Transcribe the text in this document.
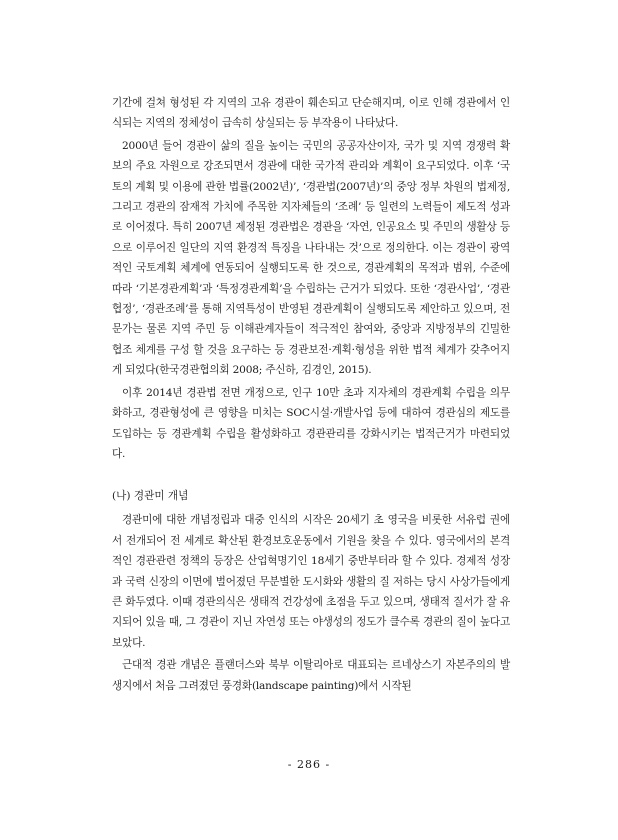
기간에 걸쳐 형성된 각 지역의 고유 경관이 훼손되고 단순해지며, 이로 인해 경관에서 인식되는 지역의 정체성이 급속히 상실되는 등 부작용이 나타났다.

2000년 들어 경관이 삶의 질을 높이는 국민의 공공자산이자, 국가 및 지역 경쟁력 확보의 주요 자원으로 강조되면서 경관에 대한 국가적 관리와 계획이 요구되었다. 이후 ‘국토의 계획 및 이용에 관한 법률(2002년)’, ‘경관법(2007년)’의 중앙 정부 차원의 법제정, 그리고 경관의 잠재적 가치에 주목한 지자체들의 ‘조례’ 등 일련의 노력들이 제도적 성과로 이어졌다. 특히 2007년 제정된 경관법은 경관을 ‘자연, 인공요소 및 주민의 생활상 등으로 이루어진 일단의 지역 환경적 특징을 나타내는 것’으로 정의한다. 이는 경관이 광역적인 국토계획 체계에 연동되어 실행되도록 한 것으로, 경관계획의 목적과 범위, 수준에 따라 ‘기본경관계획’과 ‘특정경관계획’을 수립하는 근거가 되었다. 또한 ‘경관사업’, ‘경관협정’, ‘경관조례’를 통해 지역특성이 반영된 경관계획이 실행되도록 제안하고 있으며, 전문가는 물론 지역 주민 등 이해관계자들이 적극적인 참여와, 중앙과 지방정부의 긴밀한 협조 체계를 구성 할 것을 요구하는 등 경관보전·계획·형성을 위한 법적 체계가 갖추어지게 되었다(한국경관협의회 2008; 주신하, 김경인, 2015).

이후 2014년 경관법 전면 개정으로, 인구 10만 초과 지자체의 경관계획 수립을 의무화하고, 경관형성에 큰 영향을 미치는 SOC시설·개발사업 등에 대하여 경관심의 제도를 도입하는 등 경관계획 수립을 활성화하고 경관관리를 강화시키는 법적근거가 마련되었다.

(나) 경관미 개념

경관미에 대한 개념정립과 대중 인식의 시작은 20세기 초 영국을 비롯한 서유럽 권에서 전개되어 전 세계로 확산된 환경보호운동에서 기원을 찾을 수 있다. 영국에서의 본격적인 경관관련 정책의 등장은 산업혁명기인 18세기 중반부터라 할 수 있다. 경제적 성장과 국력 신장의 이면에 벌어졌던 무분별한 도시화와 생활의 질 저하는 당시 사상가들에게 큰 화두였다. 이때 경관의식은 생태적 건강성에 초점을 두고 있으며, 생태적 질서가 잘 유지되어 있을 때, 그 경관이 지닌 자연성 또는 야생성의 정도가 클수록 경관의 질이 높다고 보았다.

근대적 경관 개념은 플랜더스와 북부 이탈리아로 대표되는 르네상스기 자본주의의 발생지에서 처음 그려졌던 풍경화(landscape painting)에서 시작된

- 286 -
